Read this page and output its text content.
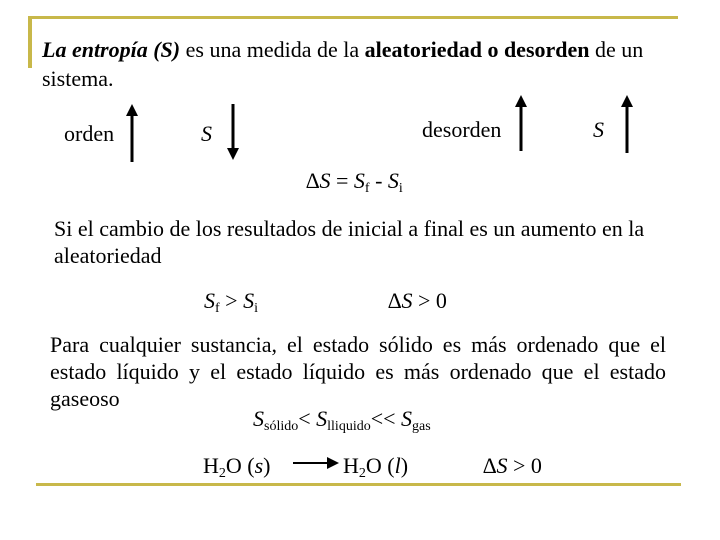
La entropía (S) es una medida de la aleatoriedad o desorden de un sistema.
orden	S	desorden	S
$\Delta S = S_f - S_i$
Si el cambio de los resultados de inicial a final es un aumento en la aleatoriedad
$S_f > S_i$	∆S > 0
Para cualquier sustancia, el estado sólido es más ordenado que el estado líquido y el estado líquido es más ordenado que el estado gaseoso
$S_{sólido}< S_{lliquido}<< S_{gas}$
$H_2O$ $(s) \to H_2O$ (l)	∆S > 0
